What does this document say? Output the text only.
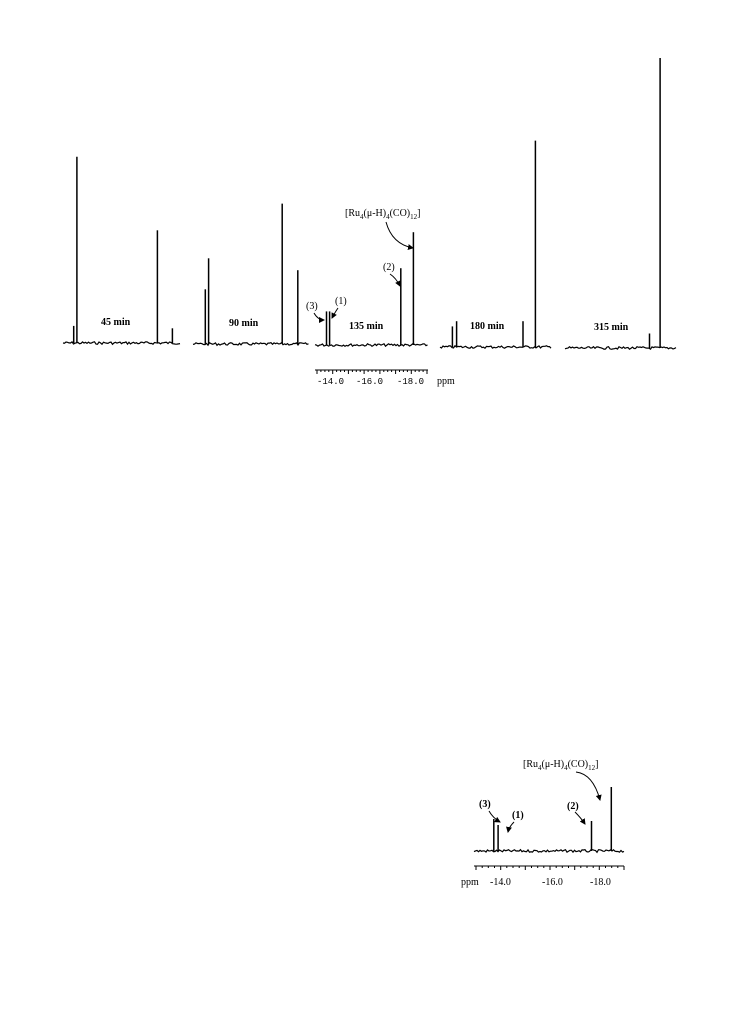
45 min	90 min	135 min	180 min	315 min
(3) (1)
(2)
$[Ru_4(\mu-H)_4(CO)_{12}]$
-14.0 -16.0 -18.0 ppm
$[Ru_4(\mu-H)_4(CO)_{12}]$
(3)
(1)
(2)
ppm -14.0	-16.0	-18.0
